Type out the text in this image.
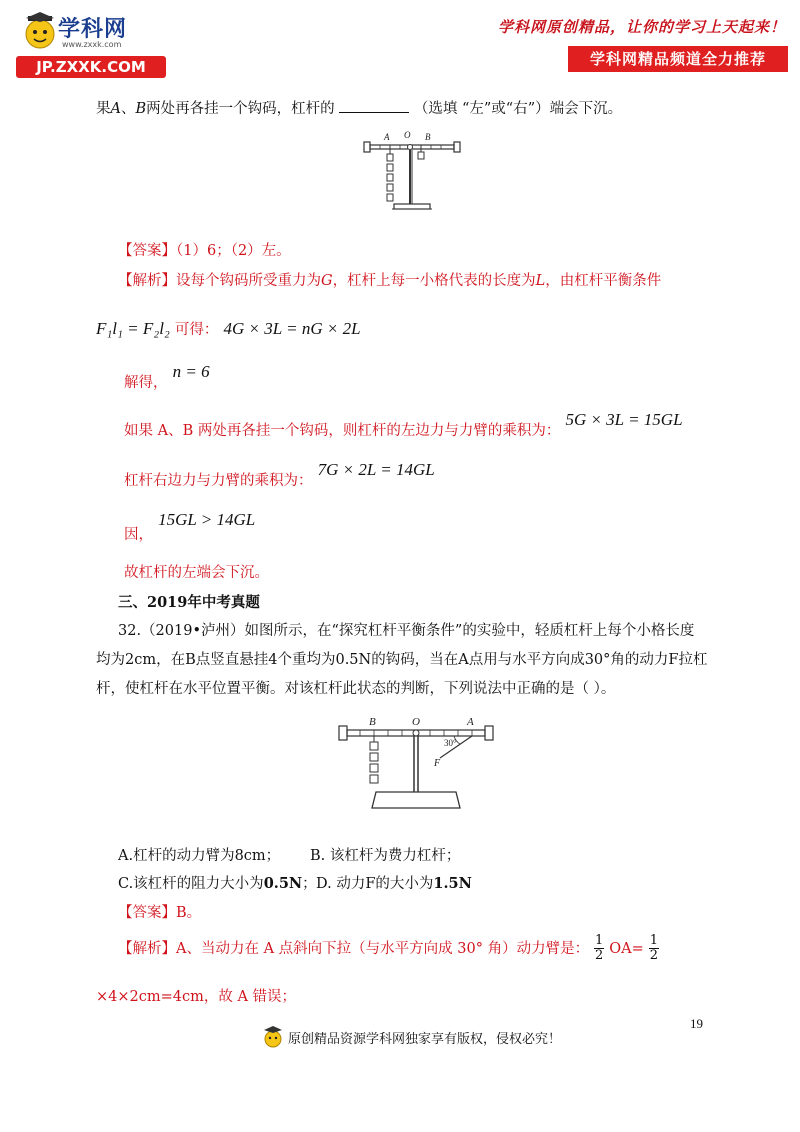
学科网
www.zxxk.com
JP.ZXXK.COM
学科网原创精品，让你的学习上天起来！
学科网精品频道全力推荐
果A、B两处再各挂一个钩码，杠杆的	（选填 “左”或“右”）端会下沉。
A O B
【答案】（1）6；（2）左。
【解析】设每个钩码所受重力为G，杠杆上每一小格代表的长度为L，由杠杆平衡条件
F₁l₁ = F₂l₂ 可得： 4G × 3L = nG × 2L
解得， n = 6
如果 A、B 两处再各挂一个钩码，则杠杆的左边力与力臂的乘积为： 5G × 3L = 15GL
杠杆右边力与力臂的乘积为： 7G × 2L = 14GL
因， 15GL > 14GL
故杠杆的左端会下沉。
三、2019年中考真题
32.（2019•泸州）如图所示，在“探究杠杆平衡条件”的实验中，轻质杠杆上每个小格长度
均为2cm，在B点竖直悬挂4个重均为0.5N的钩码，当在A点用与水平方向成30°角的动力F拉杠
杆，使杠杆在水平位置平衡。对该杠杆此状态的判断，下列说法中正确的是（ ）。
B	O	A
30°
F
A.杠杆的动力臂为8cm； B. 该杠杆为费力杠杆；
C.该杠杆的阻力大小为0.5N； D. 动力F的大小为1.5N
【答案】B。
【解析】A、当动力在 A 点斜向下拉（与水平方向成 30° 角）动力臂是： $\frac{1}{2} OA= \frac{1}{2}$
×4×2cm=4cm，故 A 错误；
19
原创精品资源学科网独家享有版权，侵权必究！
